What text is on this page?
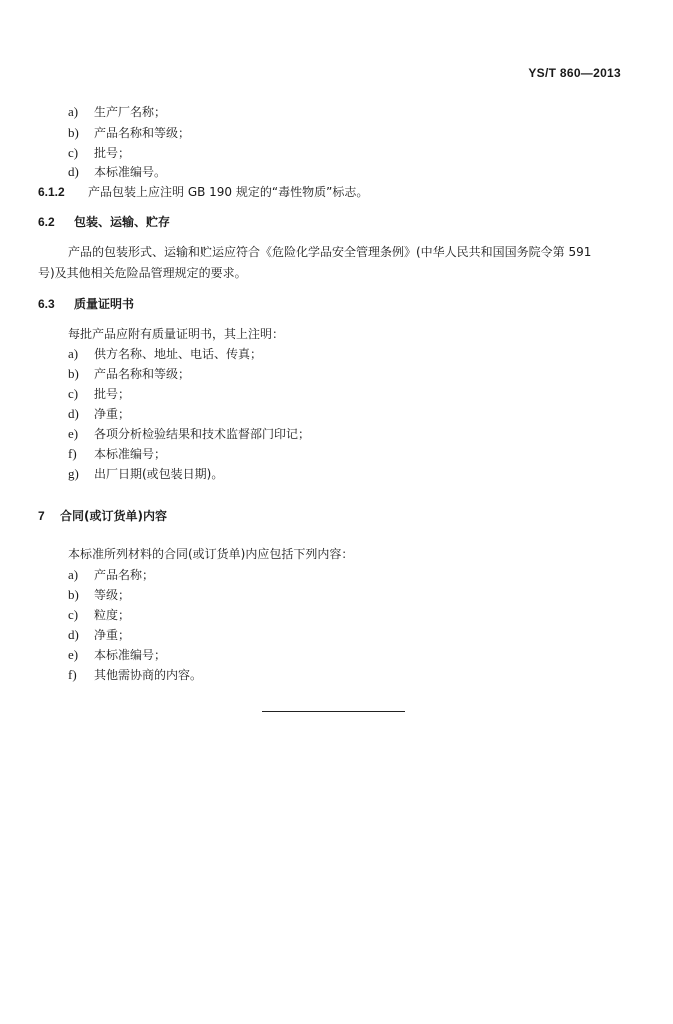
YS/T 860—2013
a) 生产厂名称；
b) 产品名称和等级；
c) 批号；
d) 本标准编号。
6.1.2 产品包装上应注明 GB 190 规定的“毒性物质”标志。
6.2 包装、运输、贮存
产品的包装形式、运输和贮运应符合《危险化学品安全管理条例》(中华人民共和国国务院令第 591
号)及其他相关危险品管理规定的要求。
6.3 质量证明书
每批产品应附有质量证明书，其上注明：
a) 供方名称、地址、电话、传真；
b) 产品名称和等级；
c) 批号；
d) 净重；
e) 各项分析检验结果和技术监督部门印记；
f) 本标准编号；
g) 出厂日期(或包装日期)。
7 合同(或订货单)内容
本标准所列材料的合同(或订货单)内应包括下列内容：
a) 产品名称；
b) 等级；
c) 粒度；
d) 净重；
e) 本标准编号；
f) 其他需协商的内容。
